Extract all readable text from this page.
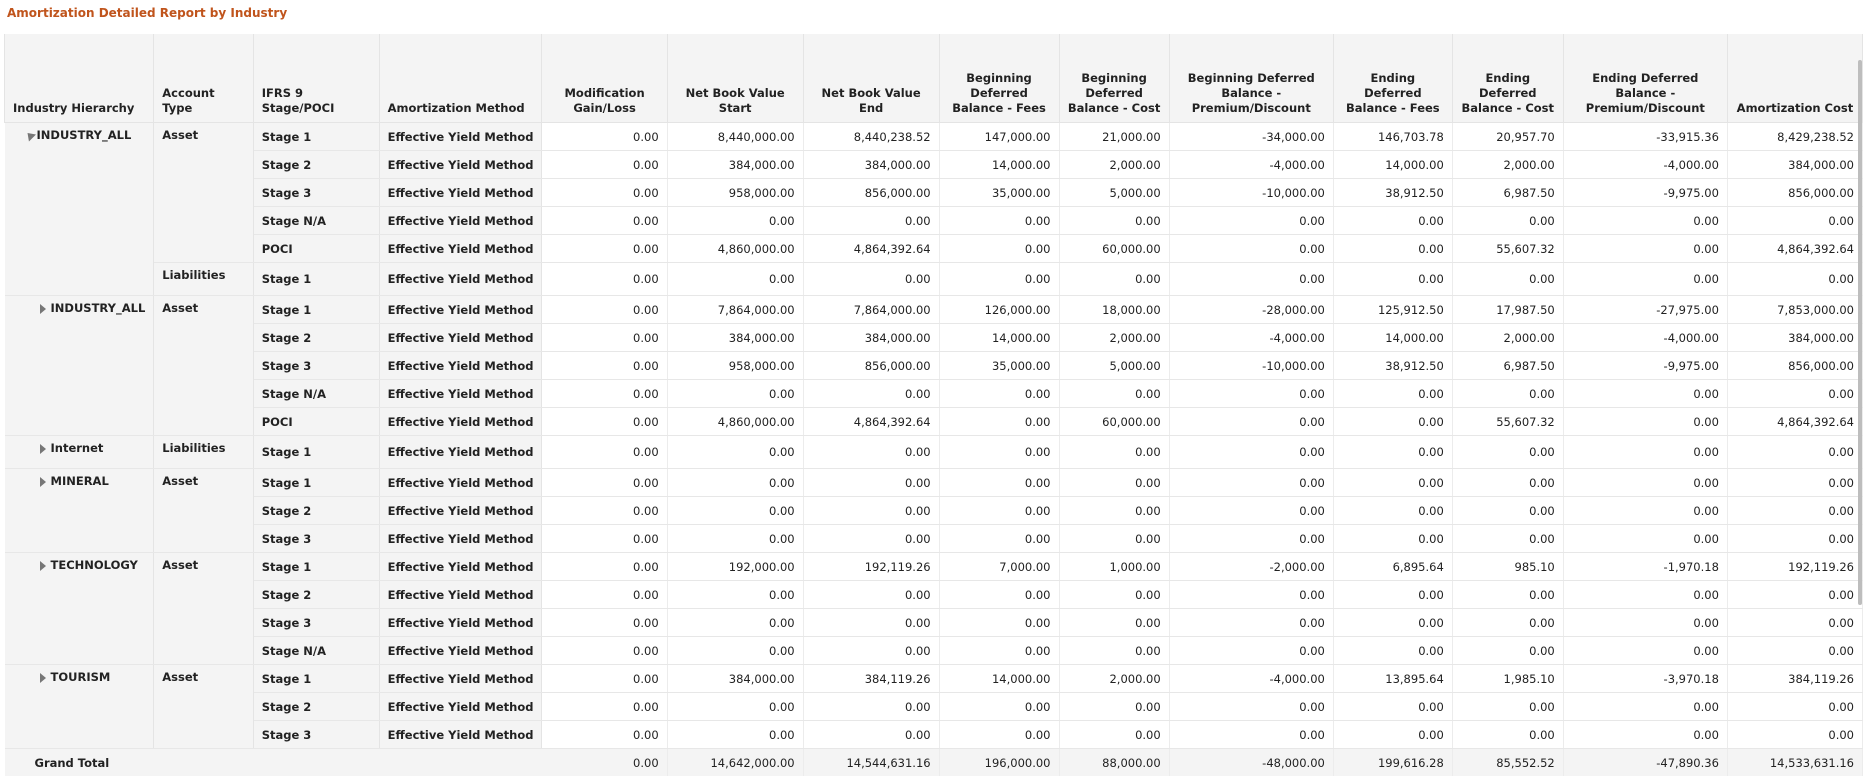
Amortization Detailed Report by Industry
Industry Hierarchy	Account Type	IFRS 9 Stage/POCI	Amortization Method	Modification Gain/Loss	Net Book Value Start	Net Book Value End	Beginning Deferred Balance - Fees	Beginning Deferred Balance - Cost	Beginning Deferred Balance - Premium/Discount	Ending Deferred Balance - Fees	Ending Deferred Balance - Cost	Ending Deferred Balance - Premium/Discount	Amortization Cost
INDUSTRY_ALL	Asset	Stage 1	Effective Yield Method	0.00	8,440,000.00	8,440,238.52	147,000.00	21,000.00	-34,000.00	146,703.78	20,957.70	-33,915.36	8,429,238.52
		Stage 2	Effective Yield Method	0.00	384,000.00	384,000.00	14,000.00	2,000.00	-4,000.00	14,000.00	2,000.00	-4,000.00	384,000.00
		Stage 3	Effective Yield Method	0.00	958,000.00	856,000.00	35,000.00	5,000.00	-10,000.00	38,912.50	6,987.50	-9,975.00	856,000.00
		Stage N/A	Effective Yield Method	0.00	0.00	0.00	0.00	0.00	0.00	0.00	0.00	0.00	0.00
		POCI	Effective Yield Method	0.00	4,860,000.00	4,864,392.64	0.00	60,000.00	0.00	0.00	55,607.32	0.00	4,864,392.64
	Liabilities	Stage 1	Effective Yield Method	0.00	0.00	0.00	0.00	0.00	0.00	0.00	0.00	0.00	0.00
INDUSTRY_ALL	Asset	Stage 1	Effective Yield Method	0.00	7,864,000.00	7,864,000.00	126,000.00	18,000.00	-28,000.00	125,912.50	17,987.50	-27,975.00	7,853,000.00
		Stage 2	Effective Yield Method	0.00	384,000.00	384,000.00	14,000.00	2,000.00	-4,000.00	14,000.00	2,000.00	-4,000.00	384,000.00
		Stage 3	Effective Yield Method	0.00	958,000.00	856,000.00	35,000.00	5,000.00	-10,000.00	38,912.50	6,987.50	-9,975.00	856,000.00
		Stage N/A	Effective Yield Method	0.00	0.00	0.00	0.00	0.00	0.00	0.00	0.00	0.00	0.00
		POCI	Effective Yield Method	0.00	4,860,000.00	4,864,392.64	0.00	60,000.00	0.00	0.00	55,607.32	0.00	4,864,392.64
Internet	Liabilities	Stage 1	Effective Yield Method	0.00	0.00	0.00	0.00	0.00	0.00	0.00	0.00	0.00	0.00
MINERAL	Asset	Stage 1	Effective Yield Method	0.00	0.00	0.00	0.00	0.00	0.00	0.00	0.00	0.00	0.00
		Stage 2	Effective Yield Method	0.00	0.00	0.00	0.00	0.00	0.00	0.00	0.00	0.00	0.00
		Stage 3	Effective Yield Method	0.00	0.00	0.00	0.00	0.00	0.00	0.00	0.00	0.00	0.00
TECHNOLOGY	Asset	Stage 1	Effective Yield Method	0.00	192,000.00	192,119.26	7,000.00	1,000.00	-2,000.00	6,895.64	985.10	-1,970.18	192,119.26
		Stage 2	Effective Yield Method	0.00	0.00	0.00	0.00	0.00	0.00	0.00	0.00	0.00	0.00
		Stage 3	Effective Yield Method	0.00	0.00	0.00	0.00	0.00	0.00	0.00	0.00	0.00	0.00
		Stage N/A	Effective Yield Method	0.00	0.00	0.00	0.00	0.00	0.00	0.00	0.00	0.00	0.00
TOURISM	Asset	Stage 1	Effective Yield Method	0.00	384,000.00	384,119.26	14,000.00	2,000.00	-4,000.00	13,895.64	1,985.10	-3,970.18	384,119.26
		Stage 2	Effective Yield Method	0.00	0.00	0.00	0.00	0.00	0.00	0.00	0.00	0.00	0.00
		Stage 3	Effective Yield Method	0.00	0.00	0.00	0.00	0.00	0.00	0.00	0.00	0.00	0.00
Grand Total				0.00	14,642,000.00	14,544,631.16	196,000.00	88,000.00	-48,000.00	199,616.28	85,552.52	-47,890.36	14,533,631.16
